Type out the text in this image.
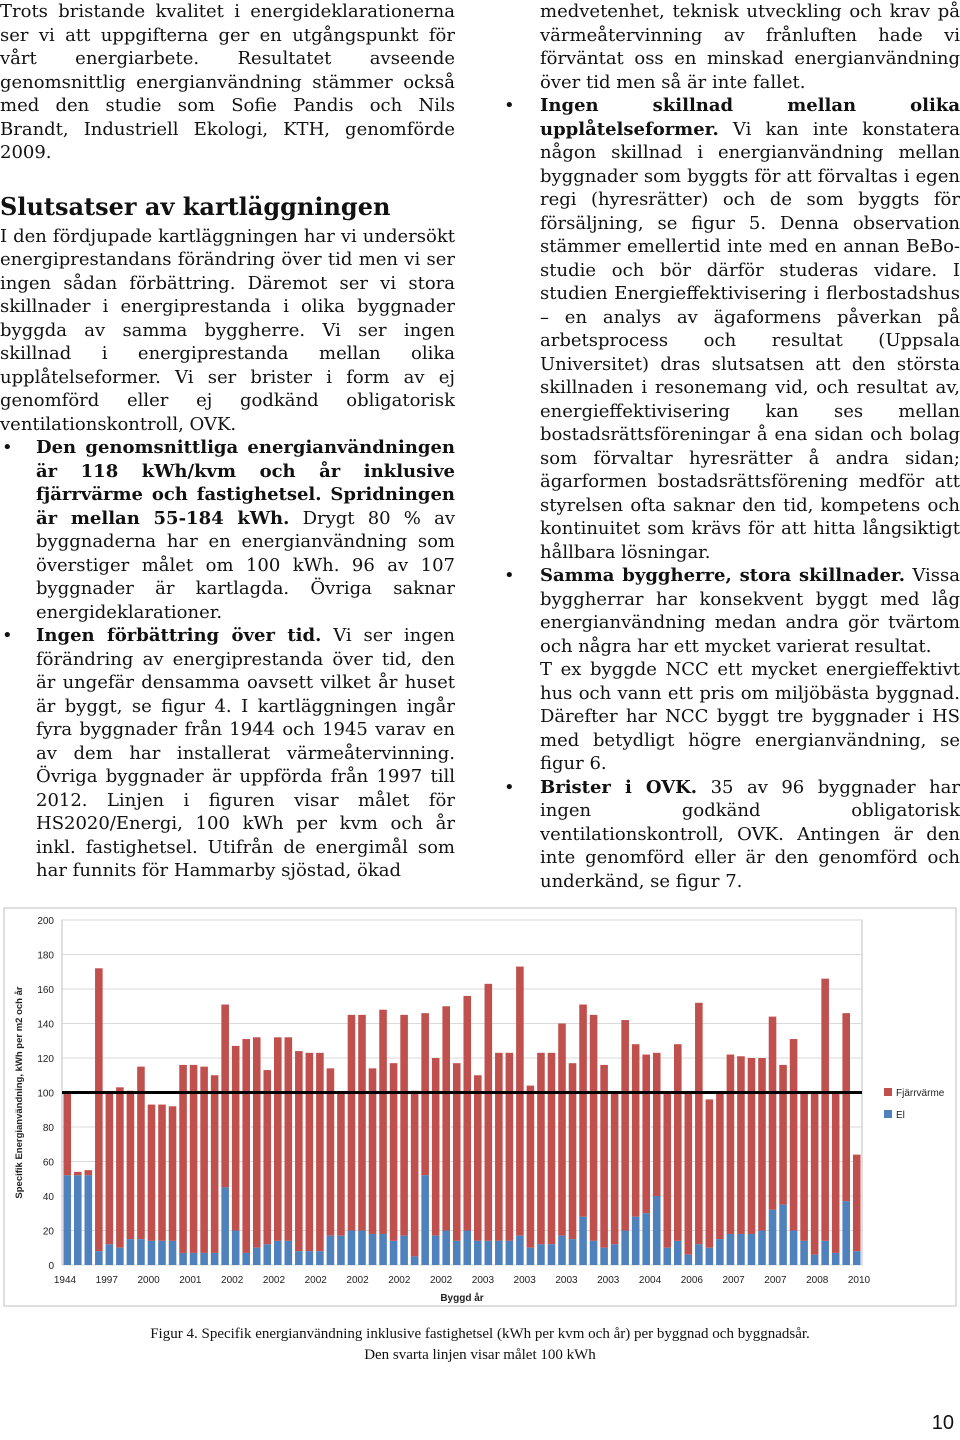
Trots bristande kvalitet i energideklarationerna ser vi att uppgifterna ger en utgångspunkt för vårt energiarbete. Resultatet avseende genomsnittlig energianvändning stämmer också med den studie som Sofie Pandis och Nils Brandt, Industriell Ekologi, KTH, genomförde 2009.

Slutsatser av kartläggningen

I den fördjupade kartläggningen har vi undersökt energiprestandans förändring över tid men vi ser ingen sådan förbättring. Däremot ser vi stora skillnader i energiprestanda i olika byggnader byggda av samma byggherre. Vi ser ingen skillnad i energiprestanda mellan olika upplåtelseformer. Vi ser brister i form av ej genomförd eller ej godkänd obligatorisk ventilationskontroll, OVK.

• Den genomsnittliga energianvändningen är 118 kWh/kvm och år inklusive fjärrvärme och fastighetsel. Spridningen är mellan 55-184 kWh. Drygt 80 % av byggnaderna har en energianvändning som överstiger målet om 100 kWh. 96 av 107 byggnader är kartlagda. Övriga saknar energideklarationer.
• Ingen förbättring över tid. Vi ser ingen förändring av energiprestanda över tid, den är ungefär densamma oavsett vilket år huset är byggt, se figur 4. I kartläggningen ingår fyra byggnader från 1944 och 1945 varav en av dem har installerat värmeåtervinning. Övriga byggnader är uppförda från 1997 till 2012. Linjen i figuren visar målet för HS2020/Energi, 100 kWh per kvm och år inkl. fastighetsel. Utifrån de energimål som har funnits för Hammarby sjöstad, ökad

medvetenhet, teknisk utveckling och krav på värmeåtervinning av frånluften hade vi förväntat oss en minskad energianvändning över tid men så är inte fallet.

• Ingen skillnad mellan olika upplåtelseformer. Vi kan inte konstatera någon skillnad i energianvändning mellan byggnader som byggts för att förvaltas i egen regi (hyresrätter) och de som byggts för försäljning, se figur 5. Denna observation stämmer emellertid inte med en annan BeBo-studie och bör därför studeras vidare. I studien Energieffektivisering i flerbostadshus – en analys av ägaformens påverkan på arbetsprocess och resultat (Uppsala Universitet) dras slutsatsen att den största skillnaden i resonemang vid, och resultat av, energieffektivisering kan ses mellan bostadsrättsföreningar å ena sidan och bolag som förvaltar hyresrätter å andra sidan; ägarformen bostadsrättsförening medför att styrelsen ofta saknar den tid, kompetens och kontinuitet som krävs för att hitta långsiktigt hållbara lösningar.
• Samma byggherre, stora skillnader. Vissa byggherrar har konsekvent byggt med låg energianvändning medan andra gör tvärtom och några har ett mycket varierat resultat.
T ex byggde NCC ett mycket energieffektivt hus och vann ett pris om miljöbästa byggnad. Därefter har NCC byggt tre byggnader i HS med betydligt högre energianvändning, se figur 6.
• Brister i OVK. 35 av 96 byggnader har ingen godkänd obligatorisk ventilationskontroll, OVK. Antingen är den inte genomförd eller är den genomförd och underkänd, se figur 7.
0
20
40
60
80
100
120
140
160
180
200
1944 1997 2000 2001 2002 2002 2002 2002 2002 2002 2003 2003 2003 2003 2004 2006 2007 2007 2008 2010
Byggd år
Specifik Energianvändning, kWh per m2 och år	Fjärrvärme
El
Figur 4. Specifik energianvändning inklusive fastighetsel (kWh per kvm och år) per byggnad och byggnadsår.
Den svarta linjen visar målet 100 kWh
10
